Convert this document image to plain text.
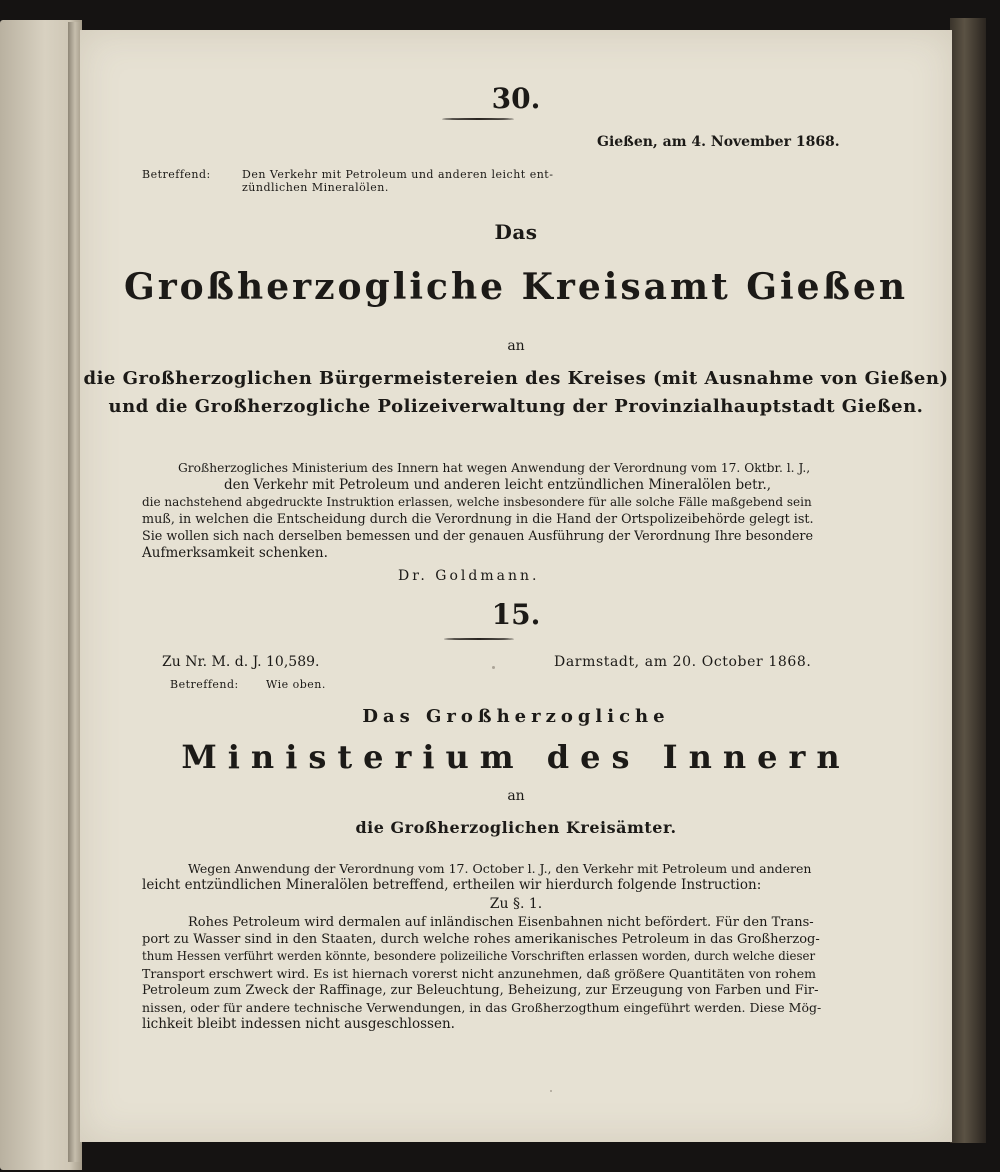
30.
Gießen, am 4. November 1868.
Betreffend:	Den Verkehr mit Petroleum und anderen leicht ent-
zündlichen Mineralölen.
Das
Großherzogliche Kreisamt Gießen
an
die Großherzoglichen Bürgermeistereien des Kreises (mit Ausnahme von Gießen)
und die Großherzogliche Polizeiverwaltung der Provinzialhauptstadt Gießen.
Großherzogliches Ministerium des Innern hat wegen Anwendung der Verordnung vom 17. Oktbr. l. J.,
den Verkehr mit Petroleum und anderen leicht entzündlichen Mineralölen betr.,
die nachstehend abgedruckte Instruktion erlassen, welche insbesondere für alle solche Fälle maßgebend sein
muß, in welchen die Entscheidung durch die Verordnung in die Hand der Ortspolizeibehörde gelegt ist.
Sie wollen sich nach derselben bemessen und der genauen Ausführung der Verordnung Ihre besondere
Aufmerksamkeit schenken.
Dr. Goldmann.
15.
Zu Nr. M. d. J. 10,589.	Darmstadt, am 20. October 1868.
Betreffend: Wie oben.
Das Großherzogliche
Ministerium des Innern
an
die Großherzoglichen Kreisämter.
Wegen Anwendung der Verordnung vom 17. October l. J., den Verkehr mit Petroleum und anderen
leicht entzündlichen Mineralölen betreffend, ertheilen wir hierdurch folgende Instruction:
Zu §. 1.
Rohes Petroleum wird dermalen auf inländischen Eisenbahnen nicht befördert. Für den Trans-
port zu Wasser sind in den Staaten, durch welche rohes amerikanisches Petroleum in das Großherzog-
thum Hessen verführt werden könnte, besondere polizeiliche Vorschriften erlassen worden, durch welche dieser
Transport erschwert wird. Es ist hiernach vorerst nicht anzunehmen, daß größere Quantitäten von rohem
Petroleum zum Zweck der Raffinage, zur Beleuchtung, Beheizung, zur Erzeugung von Farben und Fir-
nissen, oder für andere technische Verwendungen, in das Großherzogthum eingeführt werden. Diese Mög-
lichkeit bleibt indessen nicht ausgeschlossen.
